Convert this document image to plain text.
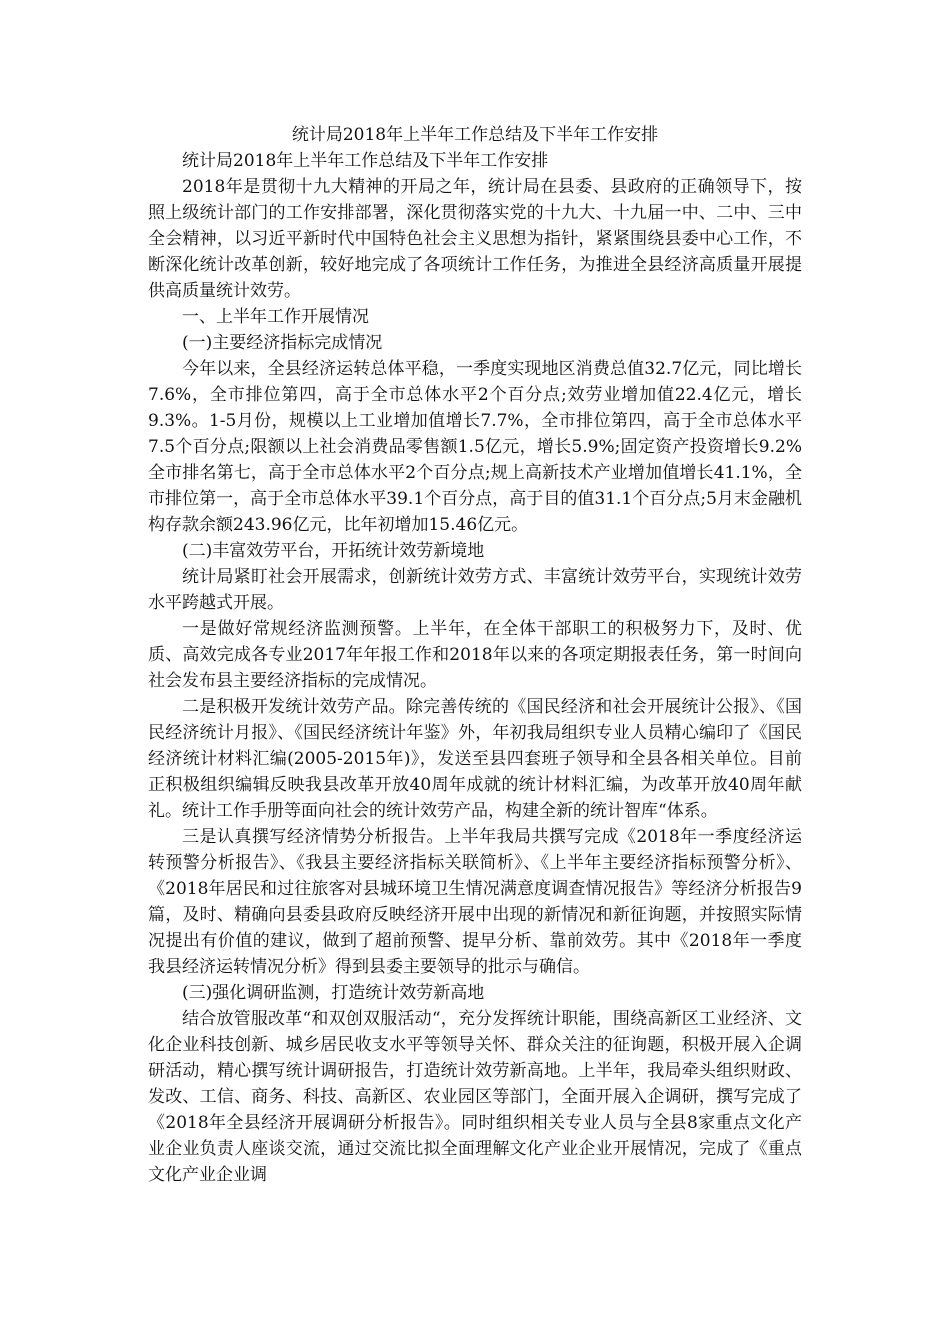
统计局2018年上半年工作总结及下半年工作安排

统计局2018年上半年工作总结及下半年工作安排

2018年是贯彻十九大精神的开局之年，统计局在县委、县政府的正确领导下，按照上级统计部门的工作安排部署，深化贯彻落实党的十九大、十九届一中、二中、三中全会精神，以习近平新时代中国特色社会主义思想为指针，紧紧围绕县委中心工作，不断深化统计改革创新，较好地完成了各项统计工作任务，为推进全县经济高质量开展提供高质量统计效劳。

一、上半年工作开展情况

(一)主要经济指标完成情况

今年以来，全县经济运转总体平稳，一季度实现地区消费总值32.7亿元，同比增长7.6%，全市排位第四，高于全市总体水平2个百分点;效劳业增加值22.4亿元，增长9.3%。1-5月份，规模以上工业增加值增长7.7%，全市排位第四，高于全市总体水平7.5个百分点;限额以上社会消费品零售额1.5亿元，增长5.9%;固定资产投资增长9.2%全市排名第七，高于全市总体水平2个百分点;规上高新技术产业增加值增长41.1%，全市排位第一，高于全市总体水平39.1个百分点，高于目的值31.1个百分点;5月末金融机构存款余额243.96亿元，比年初增加15.46亿元。

(二)丰富效劳平台，开拓统计效劳新境地

统计局紧盯社会开展需求，创新统计效劳方式、丰富统计效劳平台，实现统计效劳水平跨越式开展。

一是做好常规经济监测预警。上半年，在全体干部职工的积极努力下，及时、优质、高效完成各专业2017年年报工作和2018年以来的各项定期报表任务，第一时间向社会发布县主要经济指标的完成情况。

二是积极开发统计效劳产品。除完善传统的《国民经济和社会开展统计公报》、《国民经济统计月报》、《国民经济统计年鉴》外，年初我局组织专业人员精心编印了《国民经济统计材料汇编(2005-2015年)》，发送至县四套班子领导和全县各相关单位。目前正积极组织编辑反映我县改革开放40周年成就的统计材料汇编，为改革开放40周年献礼。统计工作手册等面向社会的统计效劳产品，构建全新的统计智库“体系。

三是认真撰写经济情势分析报告。上半年我局共撰写完成《2018年一季度经济运转预警分析报告》、《我县主要经济指标关联简析》、《上半年主要经济指标预警分析》、《2018年居民和过往旅客对县城环境卫生情况满意度调查情况报告》等经济分析报告9篇，及时、精确向县委县政府反映经济开展中出现的新情况和新征询题，并按照实际情况提出有价值的建议，做到了超前预警、提早分析、靠前效劳。其中《2018年一季度我县经济运转情况分析》得到县委主要领导的批示与确信。

(三)强化调研监测，打造统计效劳新高地

结合放管服改革“和双创双服活动“，充分发挥统计职能，围绕高新区工业经济、文化企业科技创新、城乡居民收支水平等领导关怀、群众关注的征询题，积极开展入企调研活动，精心撰写统计调研报告，打造统计效劳新高地。上半年，我局牵头组织财政、发改、工信、商务、科技、高新区、农业园区等部门，全面开展入企调研，撰写完成了《2018年全县经济开展调研分析报告》。同时组织相关专业人员与全县8家重点文化产业企业负责人座谈交流，通过交流比拟全面理解文化产业企业开展情况，完成了《重点文化产业企业调
